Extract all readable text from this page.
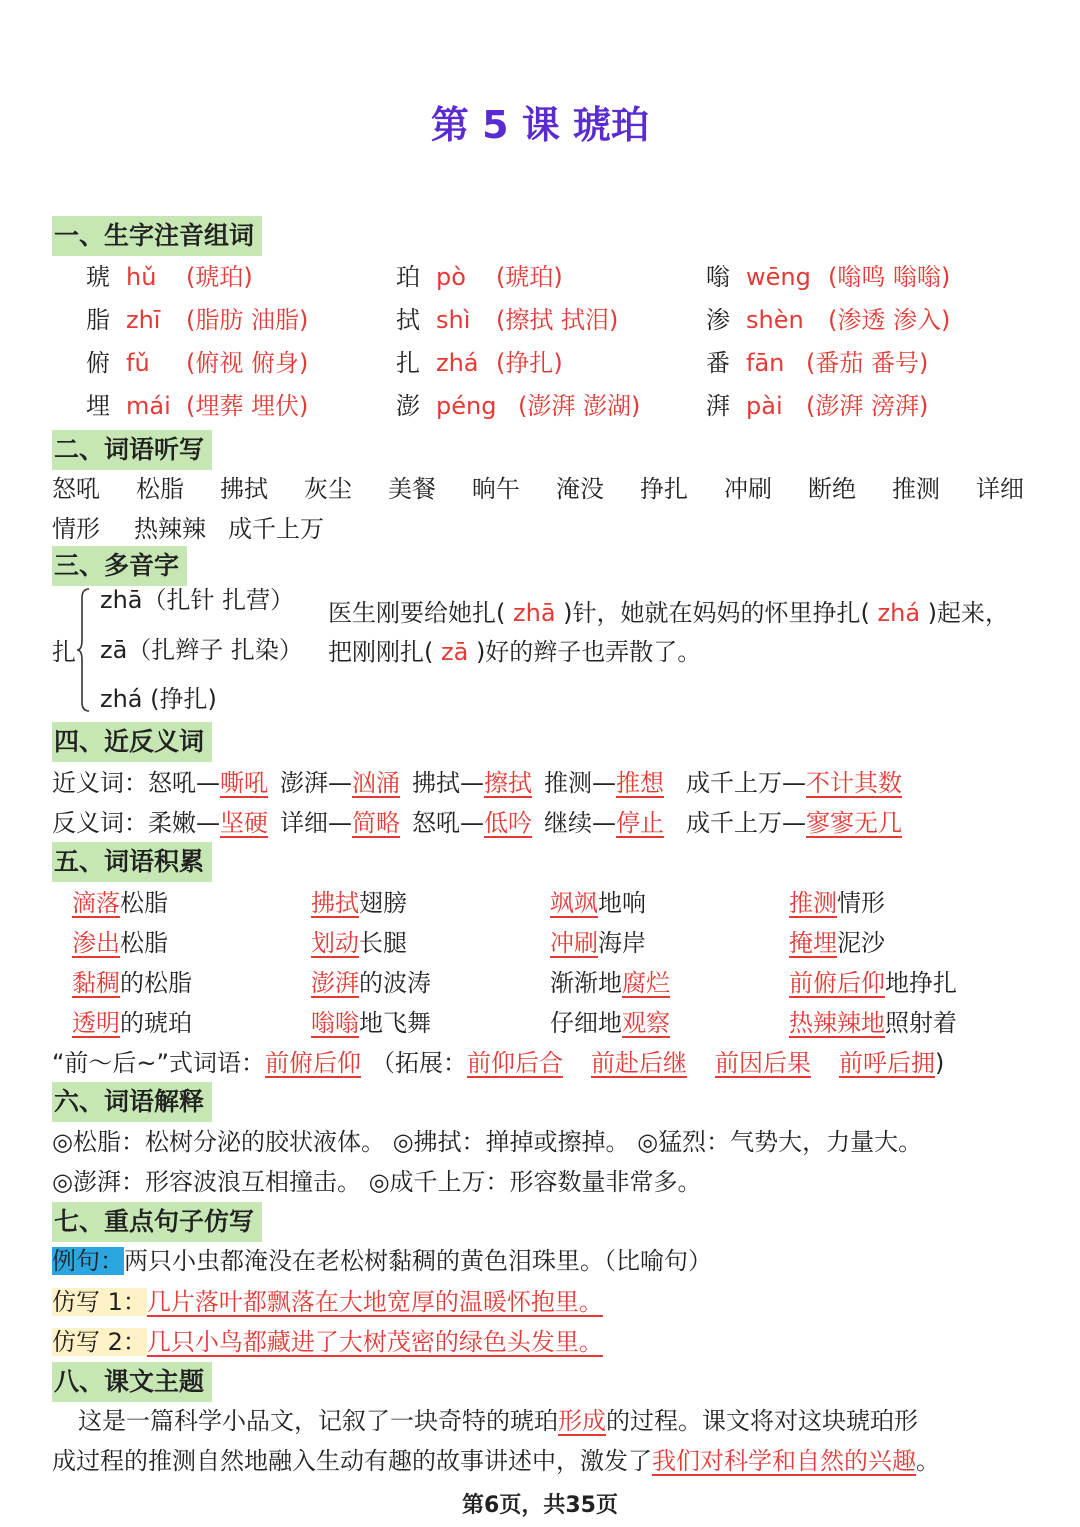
第 5 课 琥珀
一、生字注音组词
琥 hǔ (琥珀)	珀 pò (琥珀)	嗡 wēng (嗡鸣 嗡嗡)
脂 zhī (脂肪 油脂)	拭 shì (擦拭 拭泪)	渗 shèn (渗透 渗入)
俯 fǔ (俯视 俯身)	扎 zhá (挣扎)	番 fān (番茄 番号)
埋 mái (埋葬 埋伏)	澎 péng (澎湃 澎湖)	湃 pài (澎湃 滂湃)
二、词语听写
怒吼 松脂 拂拭 灰尘 美餐 晌午 淹没 挣扎 冲刷 断绝 推测 详细
情形 热辣辣 成千上万
三、多音字
扎
zhā（扎针 扎营）
zā（扎辫子 扎染）
zhá (挣扎)
医生刚要给她扎( zhā )针，她就在妈妈的怀里挣扎( zhá )起来，
把刚刚扎( zā )好的辫子也弄散了。
四、近反义词
近义词：怒吼—嘶吼 澎湃—汹涌 拂拭—擦拭 推测—推想 成千上万—不计其数
反义词：柔嫩—坚硬 详细—简略 怒吼—低吟 继续—停止 成千上万—寥寥无几
五、词语积累
滴落松脂	拂拭翅膀	飒飒地响	推测情形
渗出松脂	划动长腿	冲刷海岸	掩埋泥沙
黏稠的松脂	澎湃的波涛	渐渐地腐烂	前俯后仰地挣扎
透明的琥珀	嗡嗡地飞舞	仔细地观察	热辣辣地照射着
“前～后~”式词语：前俯后仰 （拓展：前仰后合 前赴后继 前因后果 前呼后拥)
六、词语解释
◎松脂：松树分泌的胶状液体。 ◎拂拭：掸掉或擦掉。 ◎猛烈：气势大，力量大。
◎澎湃：形容波浪互相撞击。 ◎成千上万：形容数量非常多。
七、重点句子仿写
例句：两只小虫都淹没在老松树黏稠的黄色泪珠里。（比喻句）
仿写 1：几片落叶都飘落在大地宽厚的温暖怀抱里。
仿写 2：几只小鸟都藏进了大树茂密的绿色头发里。
八、课文主题
这是一篇科学小品文，记叙了一块奇特的琥珀形成的过程。课文将对这块琥珀形
成过程的推测自然地融入生动有趣的故事讲述中，激发了我们对科学和自然的兴趣。
第6页，共35页
